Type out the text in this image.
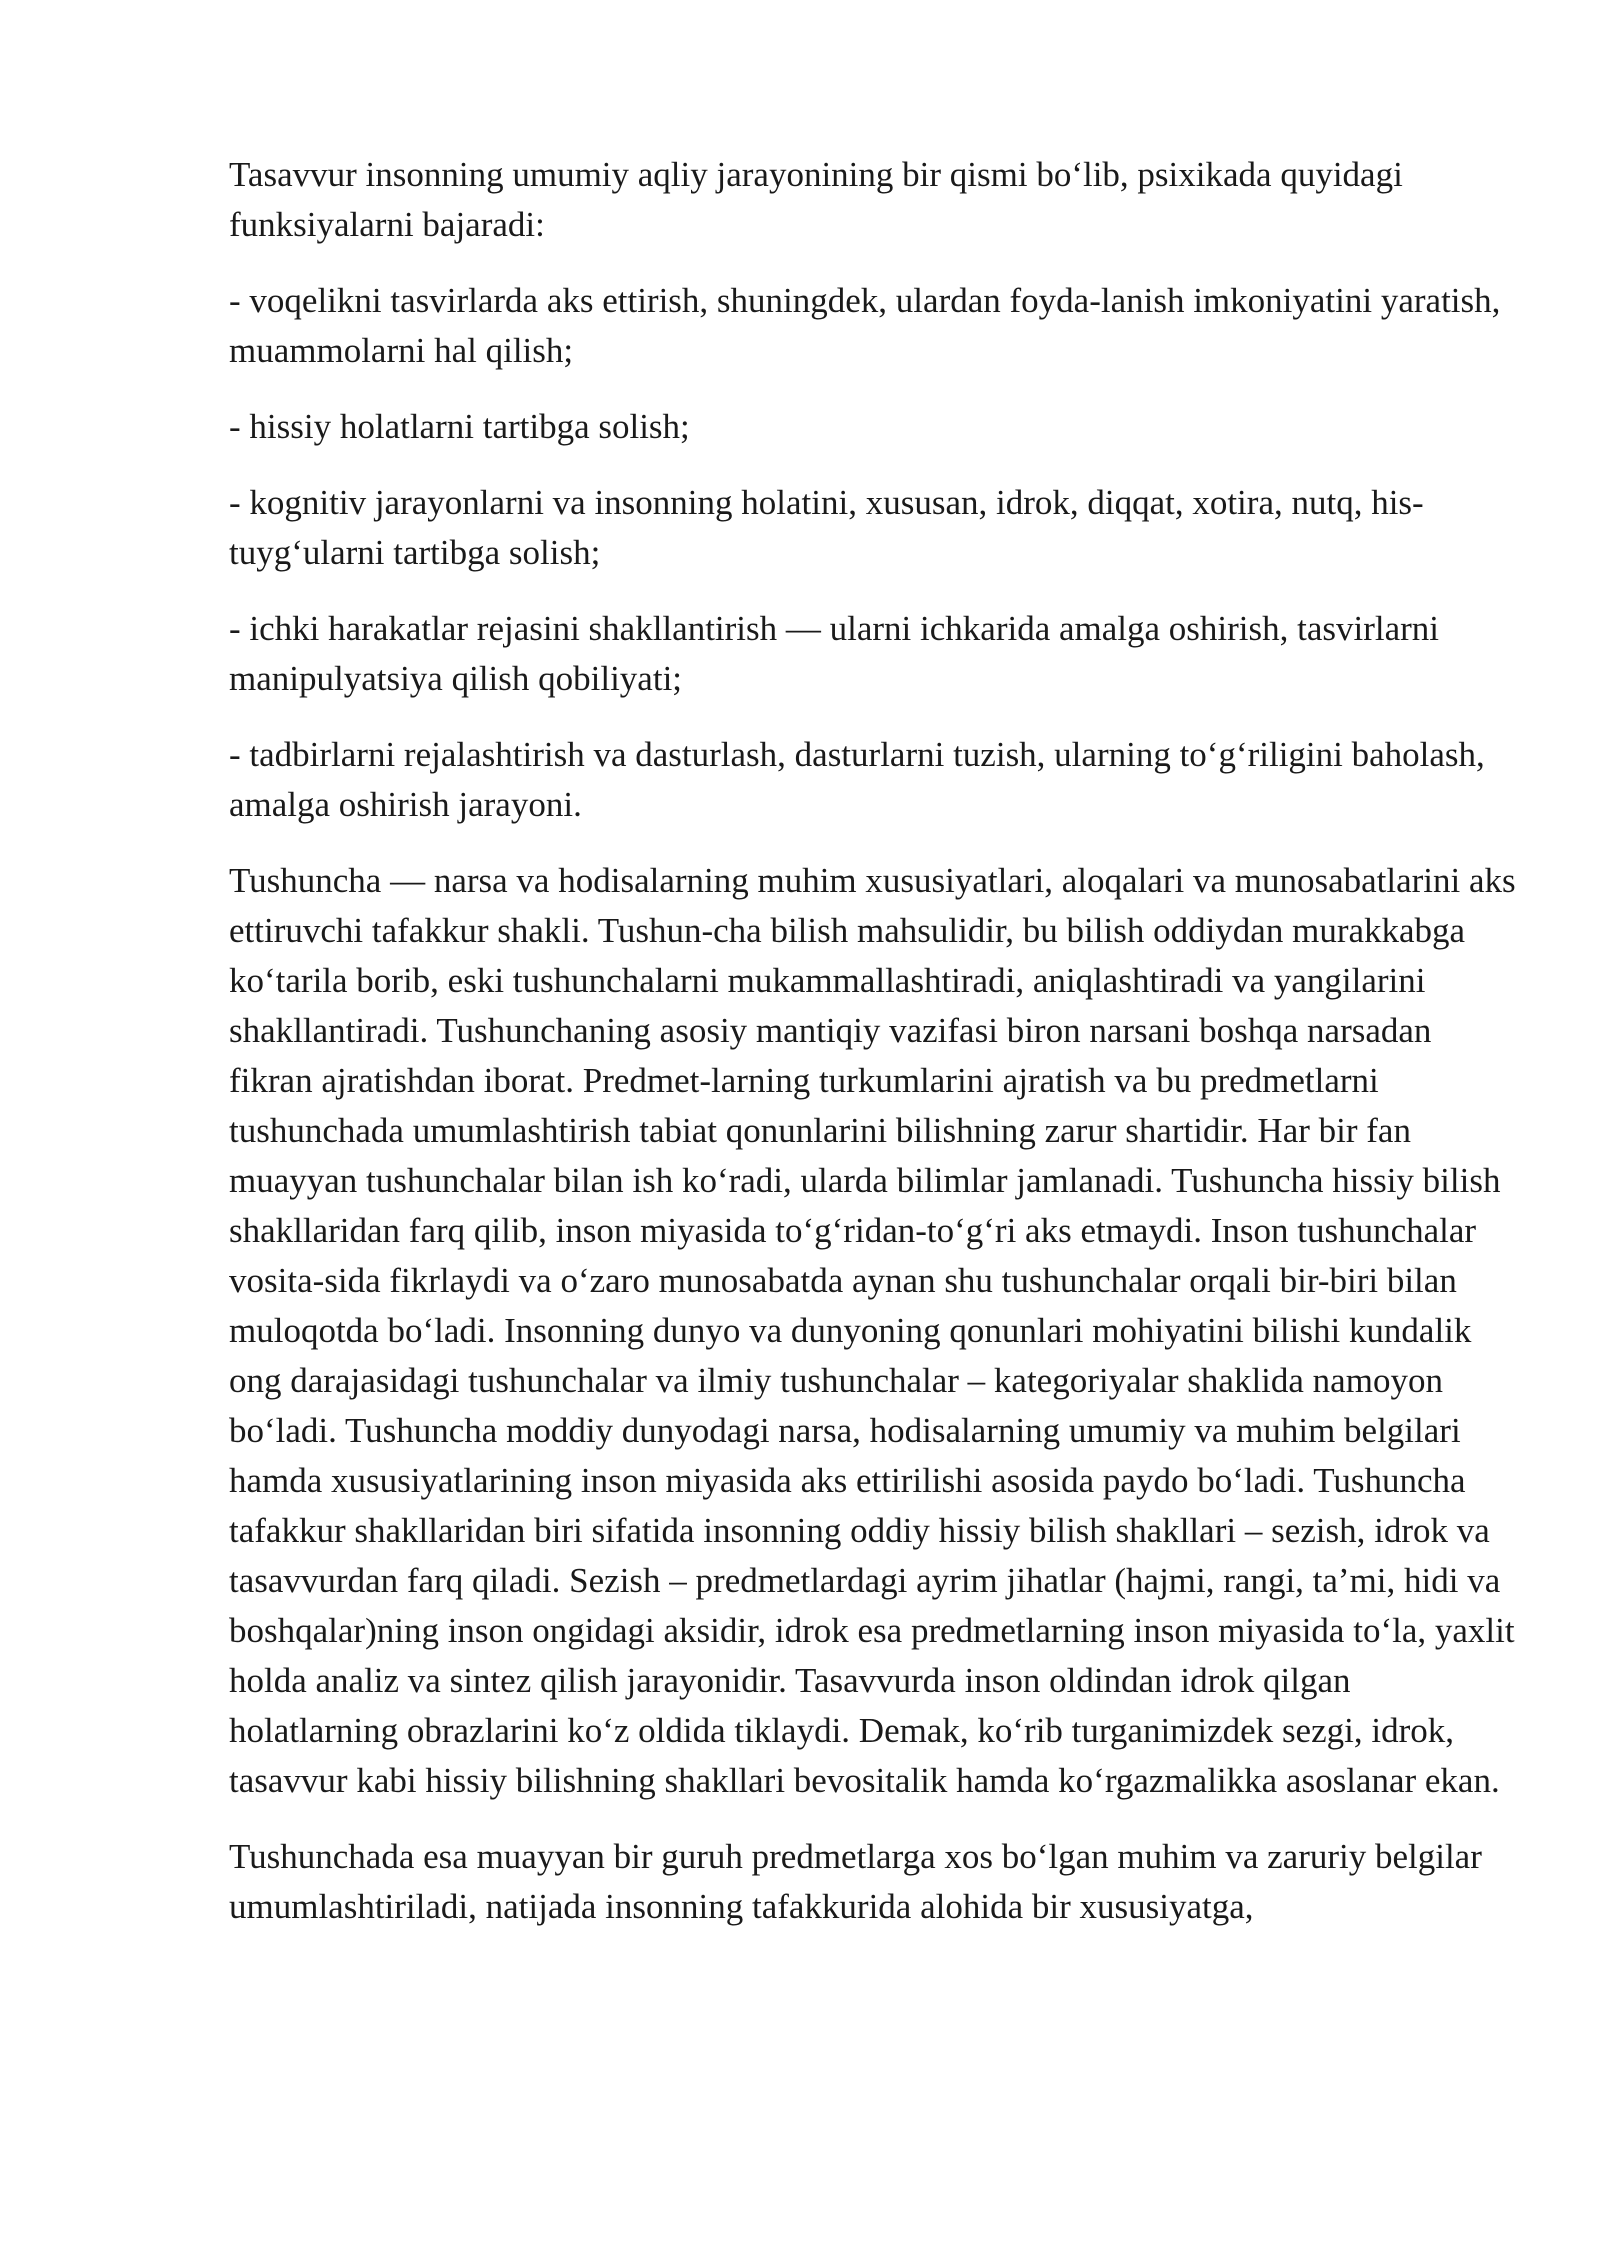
Tasavvur insonning umumiy aqliy jarayonining bir qismi boʻlib, psixikada quyidagi funksiyalarni bajaradi:

- voqelikni tasvirlarda aks ettirish, shuningdek, ulardan foyda-lanish imkoniyatini yaratish, muammolarni hal qilish;

- hissiy holatlarni tartibga solish;

- kognitiv jarayonlarni va insonning holatini, xususan, idrok, diqqat, xotira, nutq, his-tuygʻularni tartibga solish;

- ichki harakatlar rejasini shakllantirish — ularni ichkarida amalga oshirish, tasvirlarni manipulyatsiya qilish qobiliyati;

- tadbirlarni rejalashtirish va dasturlash, dasturlarni tuzish, ularning toʻgʻriligini baholash, amalga oshirish jarayoni.

Tushuncha — narsa va hodisalarning muhim xususiyatlari, aloqalari va munosabatlarini aks ettiruvchi tafakkur shakli. Tushun-cha bilish mahsulidir, bu bilish oddiydan murakkabga koʻtarila borib, eski tushunchalarni mukammallashtiradi, aniqlashtiradi va yangilarini shakllantiradi. Tushunchaning asosiy mantiqiy vazifasi biron narsani boshqa narsadan fikran ajratishdan iborat. Predmet-larning turkumlarini ajratish va bu predmetlarni tushunchada umumlashtirish tabiat qonunlarini bilishning zarur shartidir. Har bir fan muayyan tushunchalar bilan ish koʻradi, ularda bilimlar jamlanadi. Tushuncha hissiy bilish shakllaridan farq qilib, inson miyasida toʻgʻridan-toʻgʻri aks etmaydi. Inson tushunchalar vosita-sida fikrlaydi va oʻzaro munosabatda aynan shu tushunchalar orqali bir-biri bilan muloqotda boʻladi. Insonning dunyo va dunyoning qonunlari mohiyatini bilishi kundalik ong darajasidagi tushunchalar va ilmiy tushunchalar – kategoriyalar shaklida namoyon boʻladi. Tushuncha moddiy dunyodagi narsa, hodisalarning umumiy va muhim belgilari hamda xususiyatlarining inson miyasida aks ettirilishi asosida paydo boʻladi. Tushuncha tafakkur shakllaridan biri sifatida insonning oddiy hissiy bilish shakllari – sezish, idrok va tasavvurdan farq qiladi. Sezish – predmetlardagi ayrim jihatlar (hajmi, rangi, ta’mi, hidi va boshqalar)ning inson ongidagi aksidir, idrok esa predmetlarning inson miyasida toʻla, yaxlit holda analiz va sintez qilish jarayonidir. Tasavvurda inson oldindan idrok qilgan holatlarning obrazlarini koʻz oldida tiklaydi. Demak, koʻrib turganimizdek sezgi, idrok, tasavvur kabi hissiy bilishning shakllari bevositalik hamda koʻrgazmalikka asoslanar ekan.

Tushunchada esa muayyan bir guruh predmetlarga xos boʻlgan muhim va zaruriy belgilar umumlashtiriladi, natijada insonning tafakkurida alohida bir xususiyatga,
